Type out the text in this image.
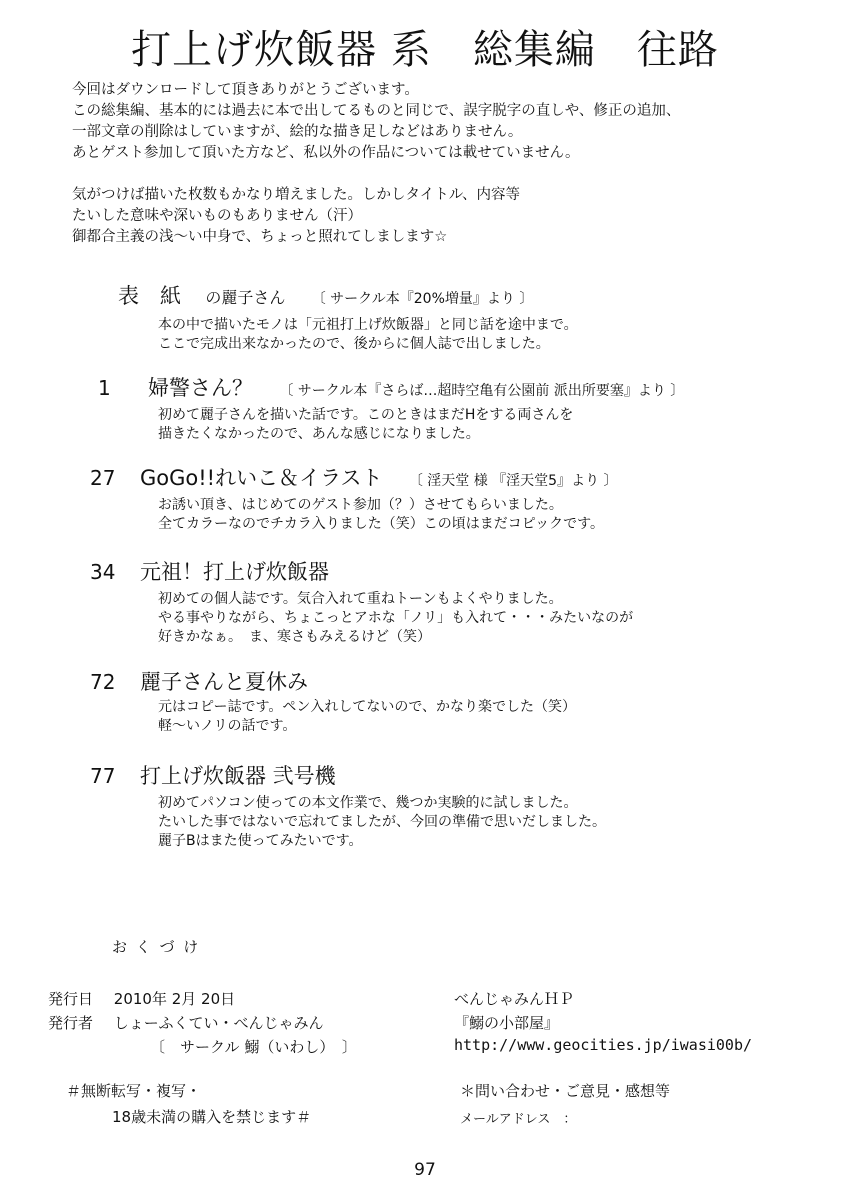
打上げ炊飯器 系　総集編　往路
今回はダウンロードして頂きありがとうございます。
この総集編、基本的には過去に本で出してるものと同じで、誤字脱字の直しや、修正の追加、
一部文章の削除はしていますが、絵的な描き足しなどはありません。
あとゲスト参加して頂いた方など、私以外の作品については載せていません。
気がつけば描いた枚数もかなり増えました。しかしタイトル、内容等
たいした意味や深いものもありません（汗）
御都合主義の浅～い中身で、ちょっと照れてしまします☆
表　紙 の麗子さん 〔 サークル本『20%増量』より 〕
本の中で描いたモノは「元祖打上げ炊飯器」と同じ話を途中まで。
ここで完成出来なかったので、後からに個人誌で出しました。
1 婦警さん？ 〔 サークル本『さらば…超時空亀有公園前 派出所要塞』より 〕
初めて麗子さんを描いた話です。このときはまだHをする両さんを
描きたくなかったので、あんな感じになりました。
27 GoGo!!れいこ＆イラスト 〔 淫天堂 様 『淫天堂5』より 〕
お誘い頂き、はじめてのゲスト参加（？）させてもらいました。
全てカラーなのでチカラ入りました（笑）この頃はまだコピックです。
34 元祖！打上げ炊飯器
初めての個人誌です。気合入れて重ねトーンもよくやりました。
やる事やりながら、ちょこっとアホな「ノリ」も入れて・・・みたいなのが
好きかなぁ。　ま、寒さもみえるけど（笑）
72 麗子さんと夏休み
元はコピー誌です。ペン入れしてないので、かなり楽でした（笑）
軽～いノリの話です。
77 打上げ炊飯器 弐号機
初めてパソコン使っての本文作業で、幾つか実験的に試しました。
たいした事ではないで忘れてましたが、今回の準備で思いだしました。
麗子Bはまた使ってみたいです。
お く づ け
発行日 2010年 2月 20日
発行者 しょーふくてい・べんじゃみん
〔　サークル 鰯（いわし）　〕
べんじゃみんＨＰ
『鰯の小部屋』
http://www.geocities.jp/iwasi00b/
＃無断転写・複写・
18歳未満の購入を禁じます＃
＊問い合わせ・ご意見・感想等
メールアドレス　：
97
